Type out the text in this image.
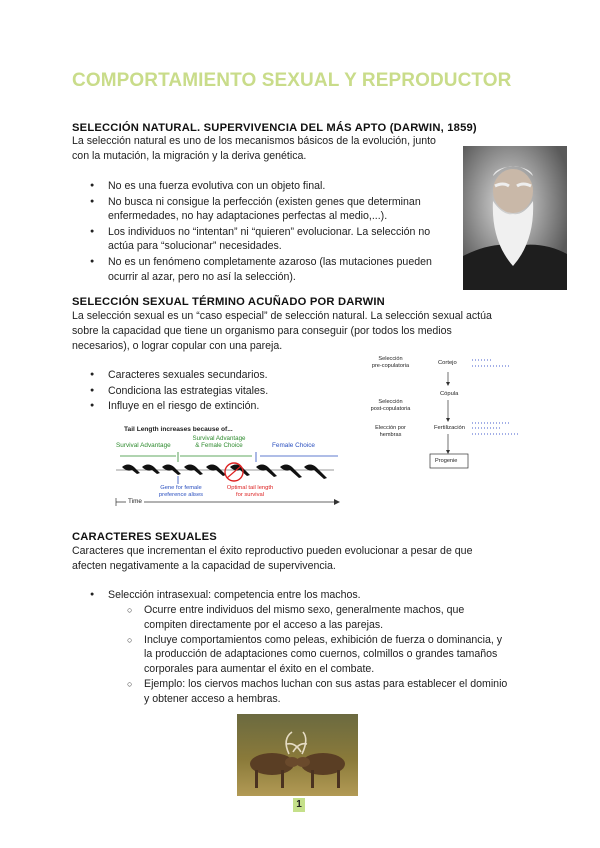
COMPORTAMIENTO SEXUAL Y REPRODUCTOR
SELECCIÓN NATURAL. SUPERVIVENCIA DEL MÁS APTO (DARWIN, 1859)
La selección natural es uno de los mecanismos básicos de la evolución, junto
con la mutación, la migración y la deriva genética.
● No es una fuerza evolutiva con un objeto final.
● No busca ni consigue la perfección (existen genes que determinan
enfermedades, no hay adaptaciones perfectas al medio,...).
● Los individuos no “intentan” ni “quieren” evolucionar. La selección no
actúa para “solucionar” necesidades.
● No es un fenómeno completamente azaroso (las mutaciones pueden
ocurrir al azar, pero no así la selección).
SELECCIÓN SEXUAL TÉRMINO ACUÑADO POR DARWIN
La selección sexual es un “caso especial” de selección natural. La selección sexual actúa
sobre la capacidad que tiene un organismo para conseguir (por todos los medios
necesarios), o lograr copular con una pareja.
● Caracteres sexuales secundarios.
● Condiciona las estrategias vitales.
● Influye en el riesgo de extinción.
Selección
pre-copulatoria	Cortejo
Cópula
Selección
post-copulatoria
Elección por
hembras
Fertilización
Progenie
Tail Length increases because of...
Survival Advantage
Survival Advantage
& Female Choice	Female Choice
Gene for female
preference alises
Optimal tail length
for survival
Time
CARACTERES SEXUALES
Caracteres que incrementan el éxito reproductivo pueden evolucionar a pesar de que
afecten negativamente a la capacidad de supervivencia.
● Selección intrasexual: competencia entre los machos.
○ Ocurre entre individuos del mismo sexo, generalmente machos, que
compiten directamente por el acceso a las parejas.
○ Incluye comportamientos como peleas, exhibición de fuerza o dominancia, y
la producción de adaptaciones como cuernos, colmillos o grandes tamaños
corporales para aumentar el éxito en el combate.
○ Ejemplo: los ciervos machos luchan con sus astas para establecer el dominio
y obtener acceso a hembras.
1
